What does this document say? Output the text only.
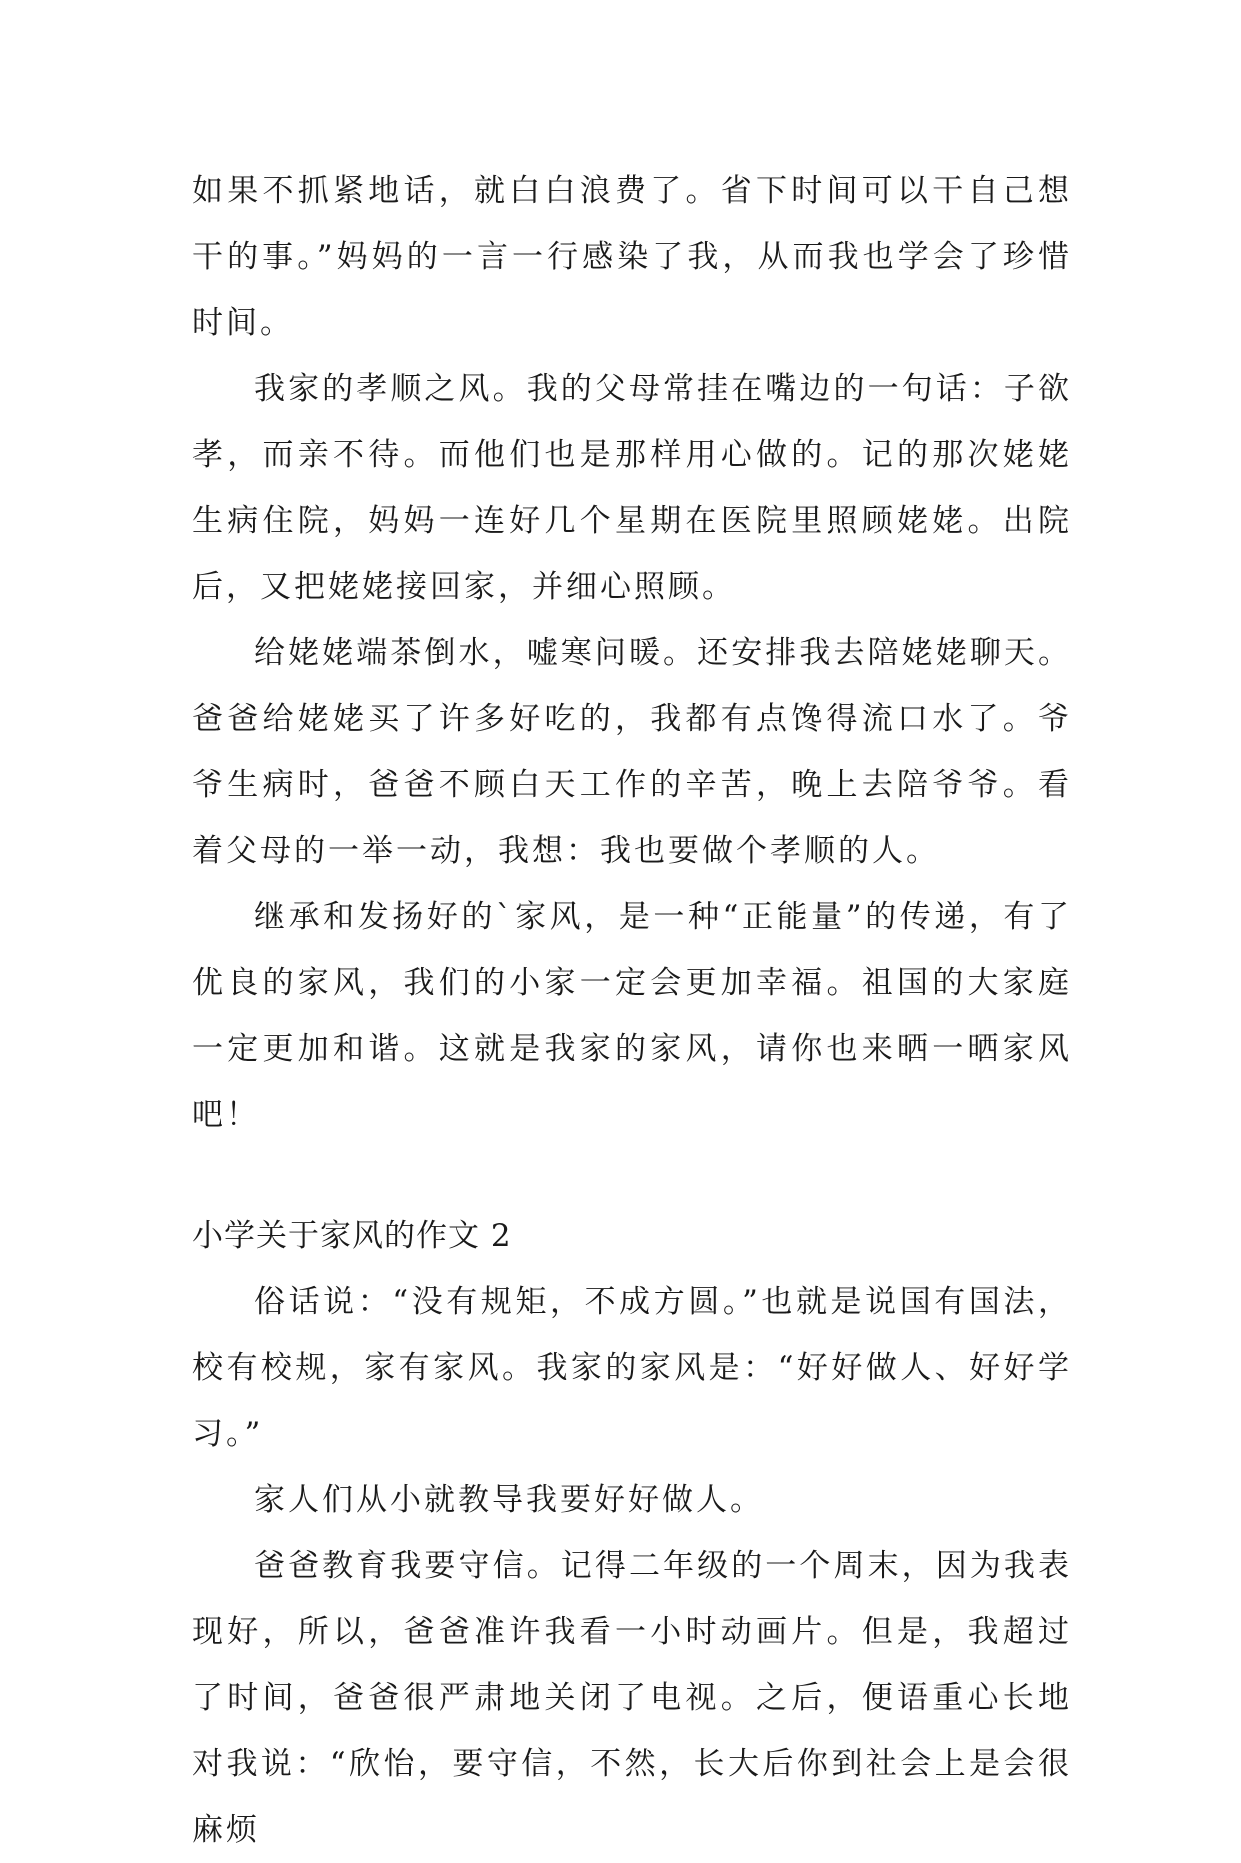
如果不抓紧地话，就白白浪费了。省下时间可以干自己想干的事。”妈妈的一言一行感染了我，从而我也学会了珍惜时间。

我家的孝顺之风。我的父母常挂在嘴边的一句话：子欲孝，而亲不待。而他们也是那样用心做的。记的那次姥姥生病住院，妈妈一连好几个星期在医院里照顾姥姥。出院后，又把姥姥接回家，并细心照顾。

给姥姥端茶倒水，嘘寒问暖。还安排我去陪姥姥聊天。爸爸给姥姥买了许多好吃的，我都有点馋得流口水了。爷爷生病时，爸爸不顾白天工作的辛苦，晚上去陪爷爷。看着父母的一举一动，我想：我也要做个孝顺的人。

继承和发扬好的`家风，是一种“正能量”的传递，有了优良的家风，我们的小家一定会更加幸福。祖国的大家庭一定更加和谐。这就是我家的家风，请你也来晒一晒家风吧！

小学关于家风的作文 2

俗话说：“没有规矩，不成方圆。”也就是说国有国法，校有校规，家有家风。我家的家风是：“好好做人、好好学习。”

家人们从小就教导我要好好做人。

爸爸教育我要守信。记得二年级的一个周末，因为我表现好，所以，爸爸准许我看一小时动画片。但是，我超过了时间，爸爸很严肃地关闭了电视。之后，便语重心长地对我说：“欣怡，要守信，不然，长大后你到社会上是会很麻烦
